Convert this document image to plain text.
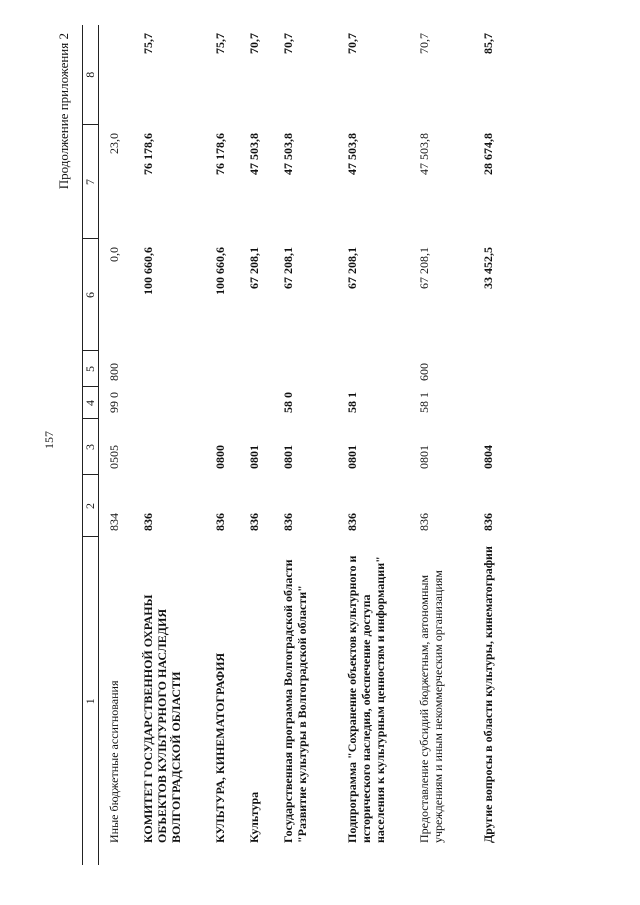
157
Продолжение приложения 2
1	2	3	4	5	6	7	8
Иные бюджетные ассигнования	834	0505	99 0	800	0,0	23,0	
КОМИТЕТ ГОСУДАРСТВЕННОЙ ОХРАНЫ ОБЪЕКТОВ КУЛЬТУРНОГО НАСЛЕДИЯ ВОЛГОГРАДСКОЙ ОБЛАСТИ	836				100 660,6	76 178,6	75,7
КУЛЬТУРА, КИНЕМАТОГРАФИЯ	836	0800			100 660,6	76 178,6	75,7
Культура	836	0801			67 208,1	47 503,8	70,7
Государственная программа Волгоградской области "Развитие культуры в Волгоградской области"	836	0801	58 0		67 208,1	47 503,8	70,7
Подпрограмма "Сохранение объектов культурного и исторического наследия, обеспечение доступа населения к культурным ценностям и информации"	836	0801	58 1		67 208,1	47 503,8	70,7
Предоставление субсидий бюджетным, автономным учреждениям и иным некоммерческим организациям	836	0801	58 1	600	67 208,1	47 503,8	70,7
Другие вопросы в области культуры, кинематографии	836	0804			33 452,5	28 674,8	85,7
